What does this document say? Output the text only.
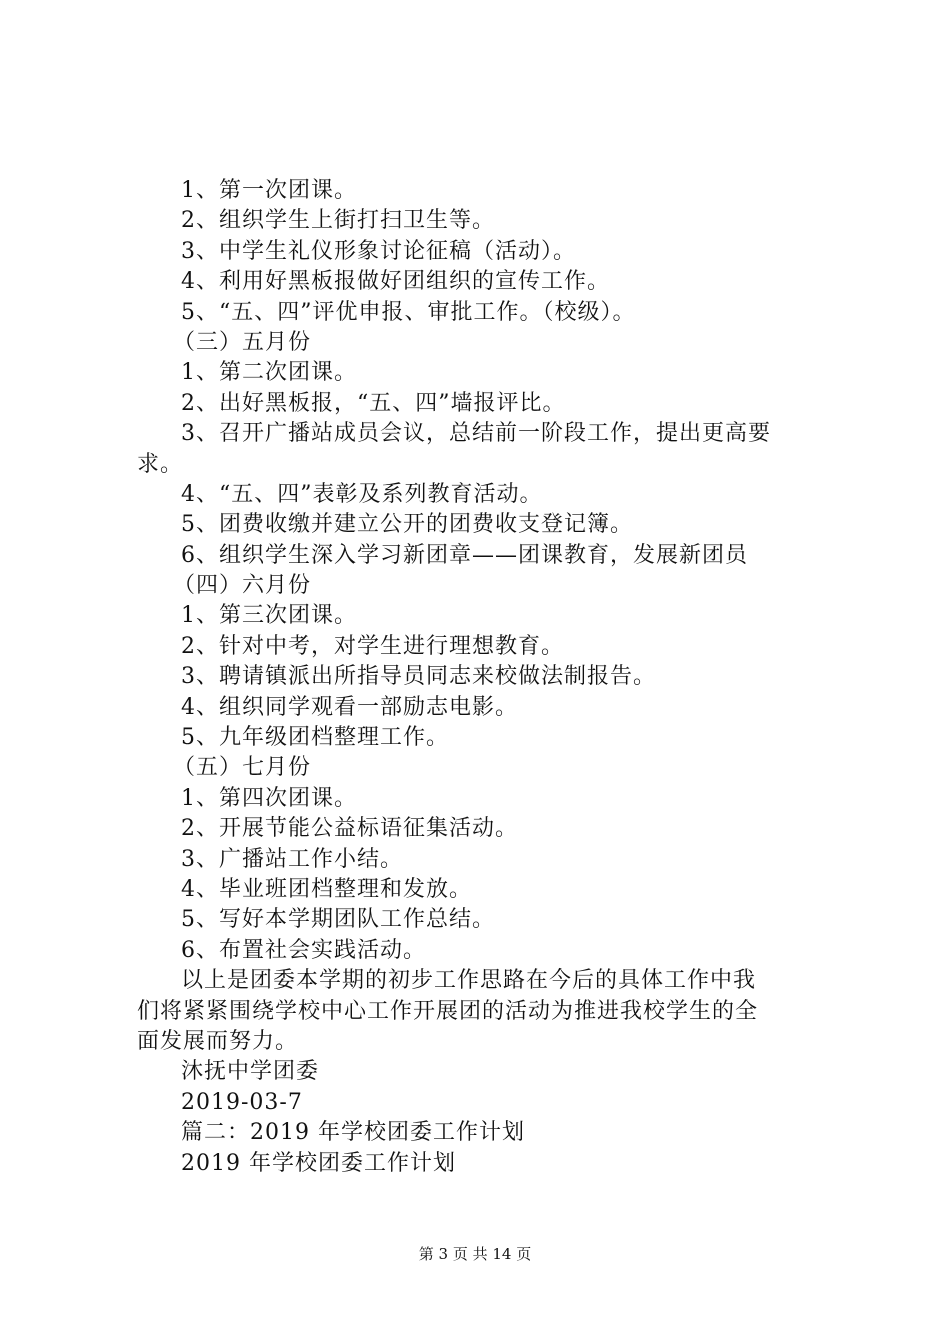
1、第一次团课。
2、组织学生上街打扫卫生等。
3、中学生礼仪形象讨论征稿（活动）。
4、利用好黑板报做好团组织的宣传工作。
5、“五、四”评优申报、审批工作。（校级）。
（三）五月份
1、第二次团课。
2、出好黑板报，“五、四”墙报评比。
3、召开广播站成员会议，总结前一阶段工作，提出更高要
求。
4、“五、四”表彰及系列教育活动。
5、团费收缴并建立公开的团费收支登记簿。
6、组织学生深入学习新团章——团课教育，发展新团员
（四）六月份
1、第三次团课。
2、针对中考，对学生进行理想教育。
3、聘请镇派出所指导员同志来校做法制报告。
4、组织同学观看一部励志电影。
5、九年级团档整理工作。
（五）七月份
1、第四次团课。
2、开展节能公益标语征集活动。
3、广播站工作小结。
4、毕业班团档整理和发放。
5、写好本学期团队工作总结。
6、布置社会实践活动。
以上是团委本学期的初步工作思路在今后的具体工作中我
们将紧紧围绕学校中心工作开展团的活动为推进我校学生的全
面发展而努力。
沐抚中学团委
2019-03-7
篇二：2019 年学校团委工作计划
2019 年学校团委工作计划
第 3 页 共 14 页
